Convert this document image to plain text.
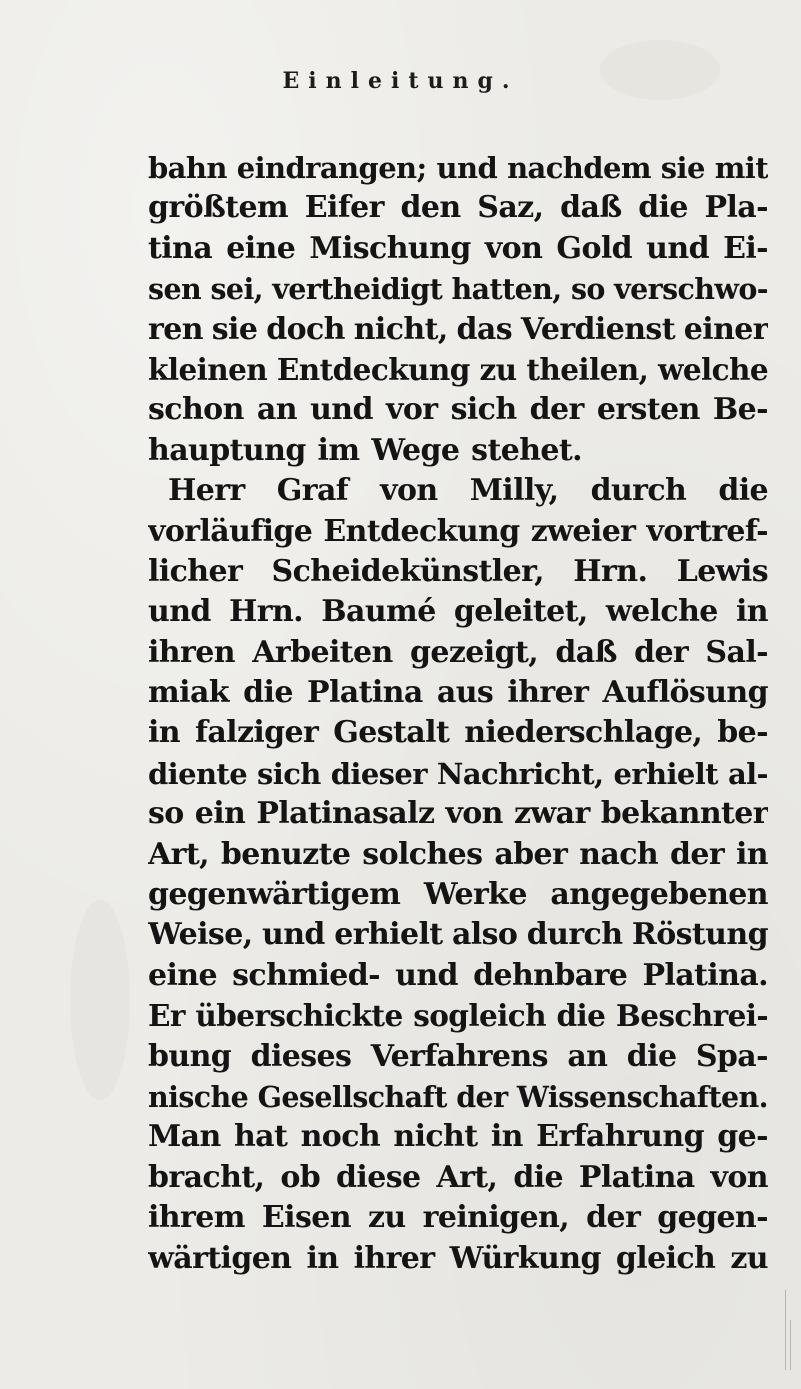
Einleitung.
bahn eindrangen; und nachdem sie mit
größtem Eifer den Saz, daß die Pla-
tina eine Mischung von Gold und Ei-
sen sei, vertheidigt hatten, so verschwo-
ren sie doch nicht, das Verdienst einer
kleinen Entdeckung zu theilen, welche
schon an und vor sich der ersten Be-
hauptung im Wege stehet.
Herr Graf von Milly, durch die
vorläufige Entdeckung zweier vortref-
licher Scheidekünstler, Hrn. Lewis
und Hrn. Baumé geleitet, welche in
ihren Arbeiten gezeigt, daß der Sal-
miak die Platina aus ihrer Auflösung
in falziger Gestalt niederschlage, be-
diente sich dieser Nachricht, erhielt al-
so ein Platinasalz von zwar bekannter
Art, benuzte solches aber nach der in
gegenwärtigem Werke angegebenen
Weise, und erhielt also durch Röstung
eine schmied- und dehnbare Platina.
Er überschickte sogleich die Beschrei-
bung dieses Verfahrens an die Spa-
nische Gesellschaft der Wissenschaften.
Man hat noch nicht in Erfahrung ge-
bracht, ob diese Art, die Platina von
ihrem Eisen zu reinigen, der gegen-
wärtigen in ihrer Würkung gleich zu
